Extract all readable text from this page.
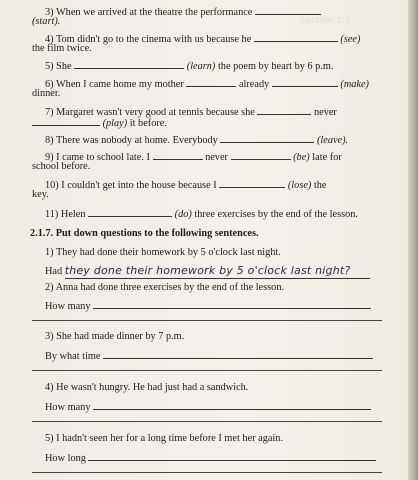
Section 2.2
3) When we arrived at the theatre the performance
(start).
4) Tom didn't go to the cinema with us because he	(see)
the film twice.
5) She	(learn) the poem by heart by 6 p.m.
6) When I came home my mother	already	(make)
dinner.
7) Margaret wasn't very good at tennis because she	never
(play) it before.
8) There was nobody at home. Everybody	(leave).
9) I came to school late. I	never	(be) late for
school before.
10) I couldn't get into the house because I	(lose) the
key.
11) Helen	(do) three exercises by the end of the lesson.
2.1.7. Put down questions to the following sentences.
1) They had done their homework by 5 o'clock last night.
Had they done their homework by 5 o'clock last night?
2) Anna had done three exercises by the end of the lesson.
How many
3) She had made dinner by 7 p.m.
By what time
4) He wasn't hungry. He had just had a sandwich.
How many
5) I hadn't seen her for a long time before I met her again.
How long
